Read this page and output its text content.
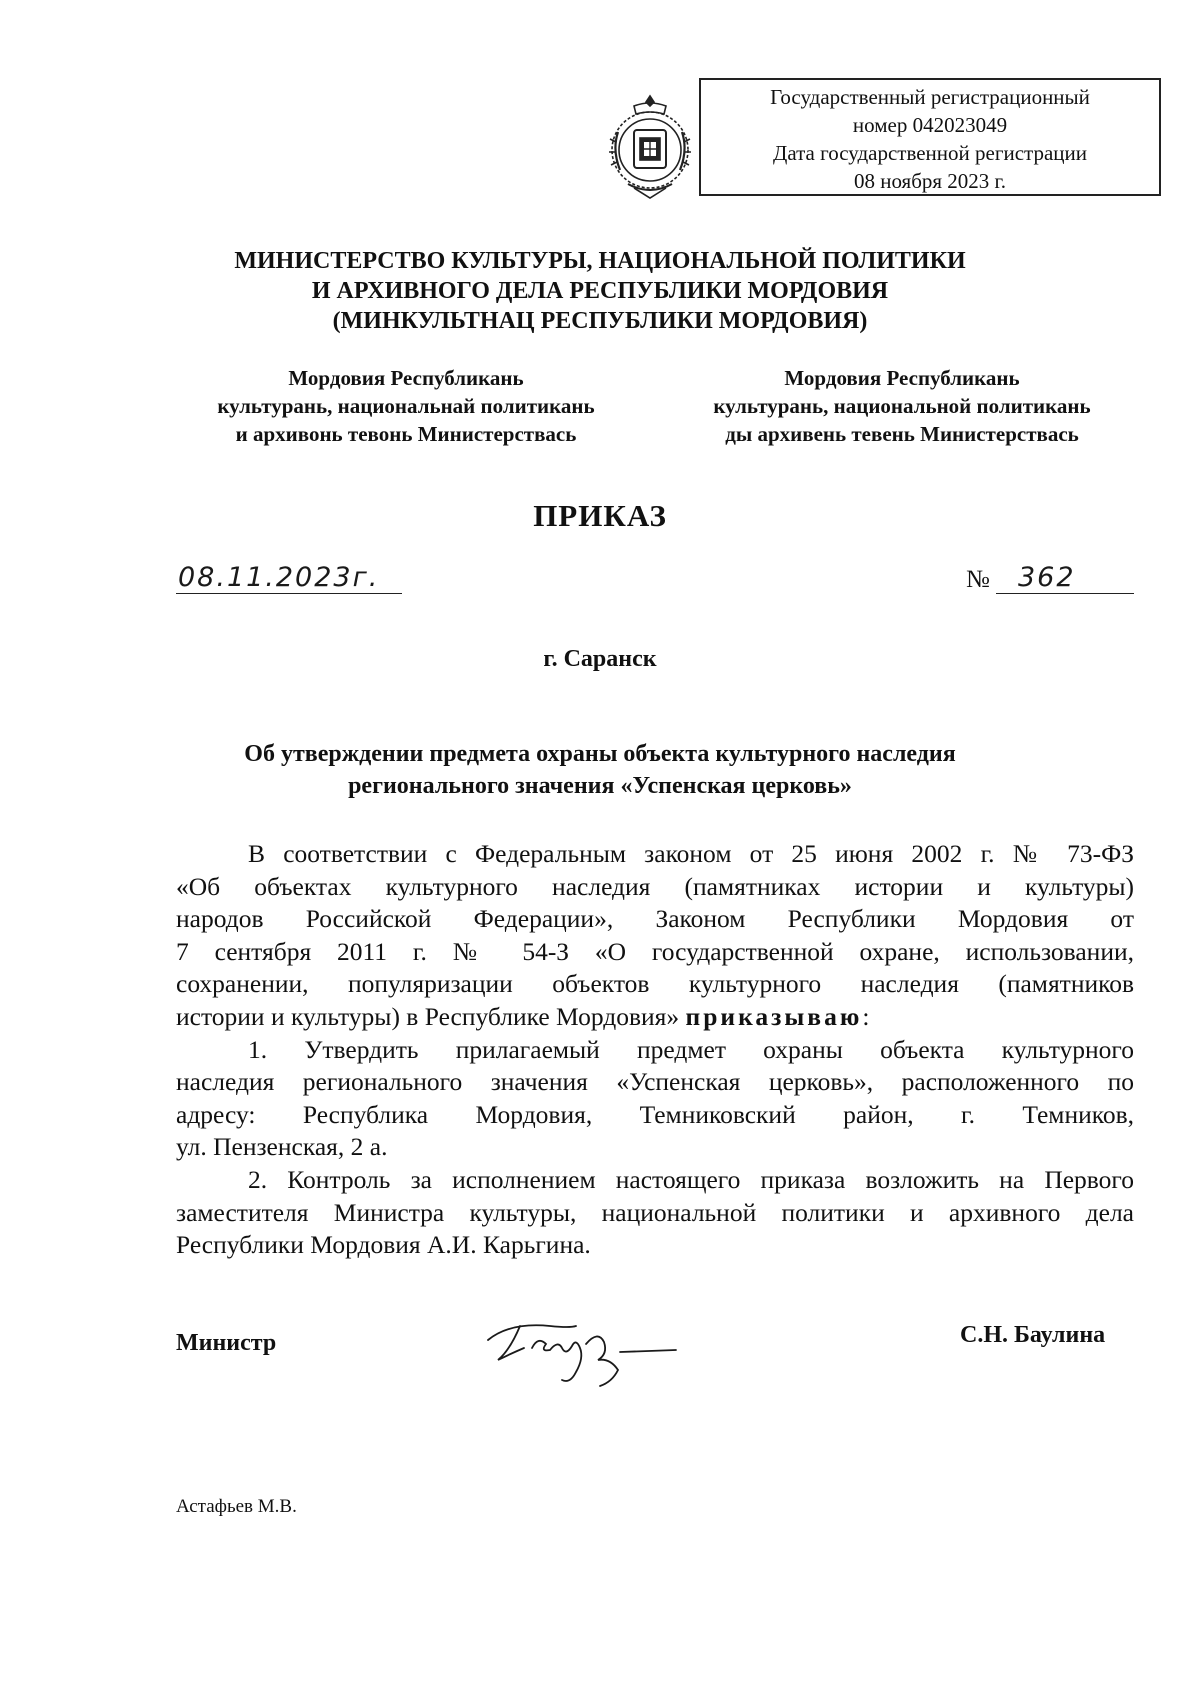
Государственный регистрационный
номер 042023049
Дата государственной регистрации
08 ноября 2023 г.
МИНИСТЕРСТВО КУЛЬТУРЫ, НАЦИОНАЛЬНОЙ ПОЛИТИКИ
И АРХИВНОГО ДЕЛА РЕСПУБЛИКИ МОРДОВИЯ
(МИНКУЛЬТНАЦ РЕСПУБЛИКИ МОРДОВИЯ)
Мордовия Республикань
культурань, национальнай политикань
и архивонь тевонь Министерствась
Мордовия Республикань
культурань, национальной политикань
ды архивень тевень Министерствась
ПРИКАЗ
08.11.2023г.	№ 362
г. Саранск
Об утверждении предмета охраны объекта культурного наследия
регионального значения «Успенская церковь»
В соответствии с Федеральным законом от 25 июня 2002 г. № 73-ФЗ
«Об объектах культурного наследия (памятниках истории и культуры)
народов Российской Федерации», Законом Республики Мордовия от
7 сентября 2011 г. № 54-З «О государственной охране, использовании,
сохранении, популяризации объектов культурного наследия (памятников
истории и культуры) в Республике Мордовия» приказываю:
1. Утвердить прилагаемый предмет охраны объекта культурного
наследия регионального значения «Успенская церковь», расположенного по
адресу: Республика Мордовия, Темниковский район, г. Темников,
ул. Пензенская, 2 а.
2. Контроль за исполнением настоящего приказа возложить на Первого
заместителя Министра культуры, национальной политики и архивного дела
Республики Мордовия А.И. Карьгина.
Министр	С.Н. Баулина
Астафьев М.В.
